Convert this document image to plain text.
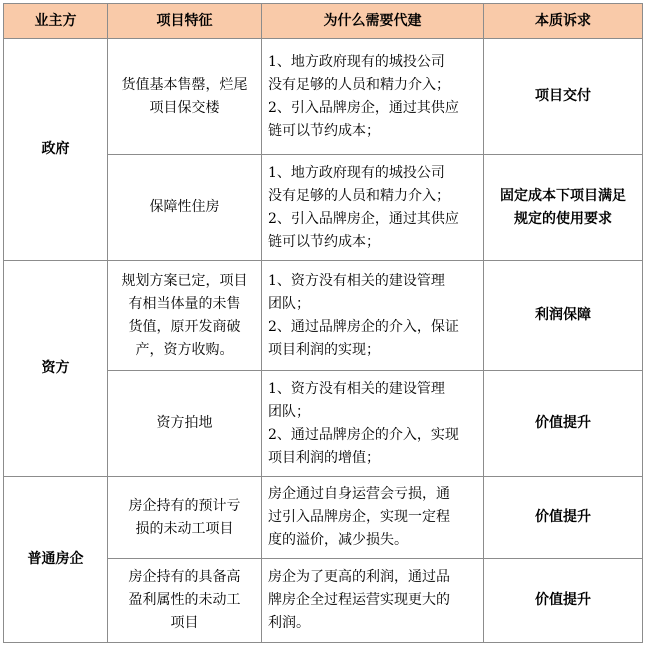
业主方	项目特征	为什么需要代建	本质诉求
政府	货值基本售罄，烂尾
项目保交楼	1、地方政府现有的城投公司
没有足够的人员和精力介入；
2、引入品牌房企，通过其供应
链可以节约成本；	项目交付

	保障性住房	1、地方政府现有的城投公司
没有足够的人员和精力介入；
2、引入品牌房企，通过其供应
链可以节约成本；	固定成本下项目满足
规定的使用要求

资方	规划方案已定，项目
有相当体量的未售
货值，原开发商破
产，资方收购。	1、资方没有相关的建设管理
团队；
2、通过品牌房企的介入，保证
项目利润的实现；	利润保障

	资方拍地	1、资方没有相关的建设管理
团队；
2、通过品牌房企的介入，实现
项目利润的增值；	价值提升

普通房企	房企持有的预计亏
损的未动工项目	房企通过自身运营会亏损，通
过引入品牌房企，实现一定程
度的溢价，减少损失。	价值提升

	房企持有的具备高
盈利属性的未动工
项目	房企为了更高的利润，通过品
牌房企全过程运营实现更大的
利润。	价值提升
